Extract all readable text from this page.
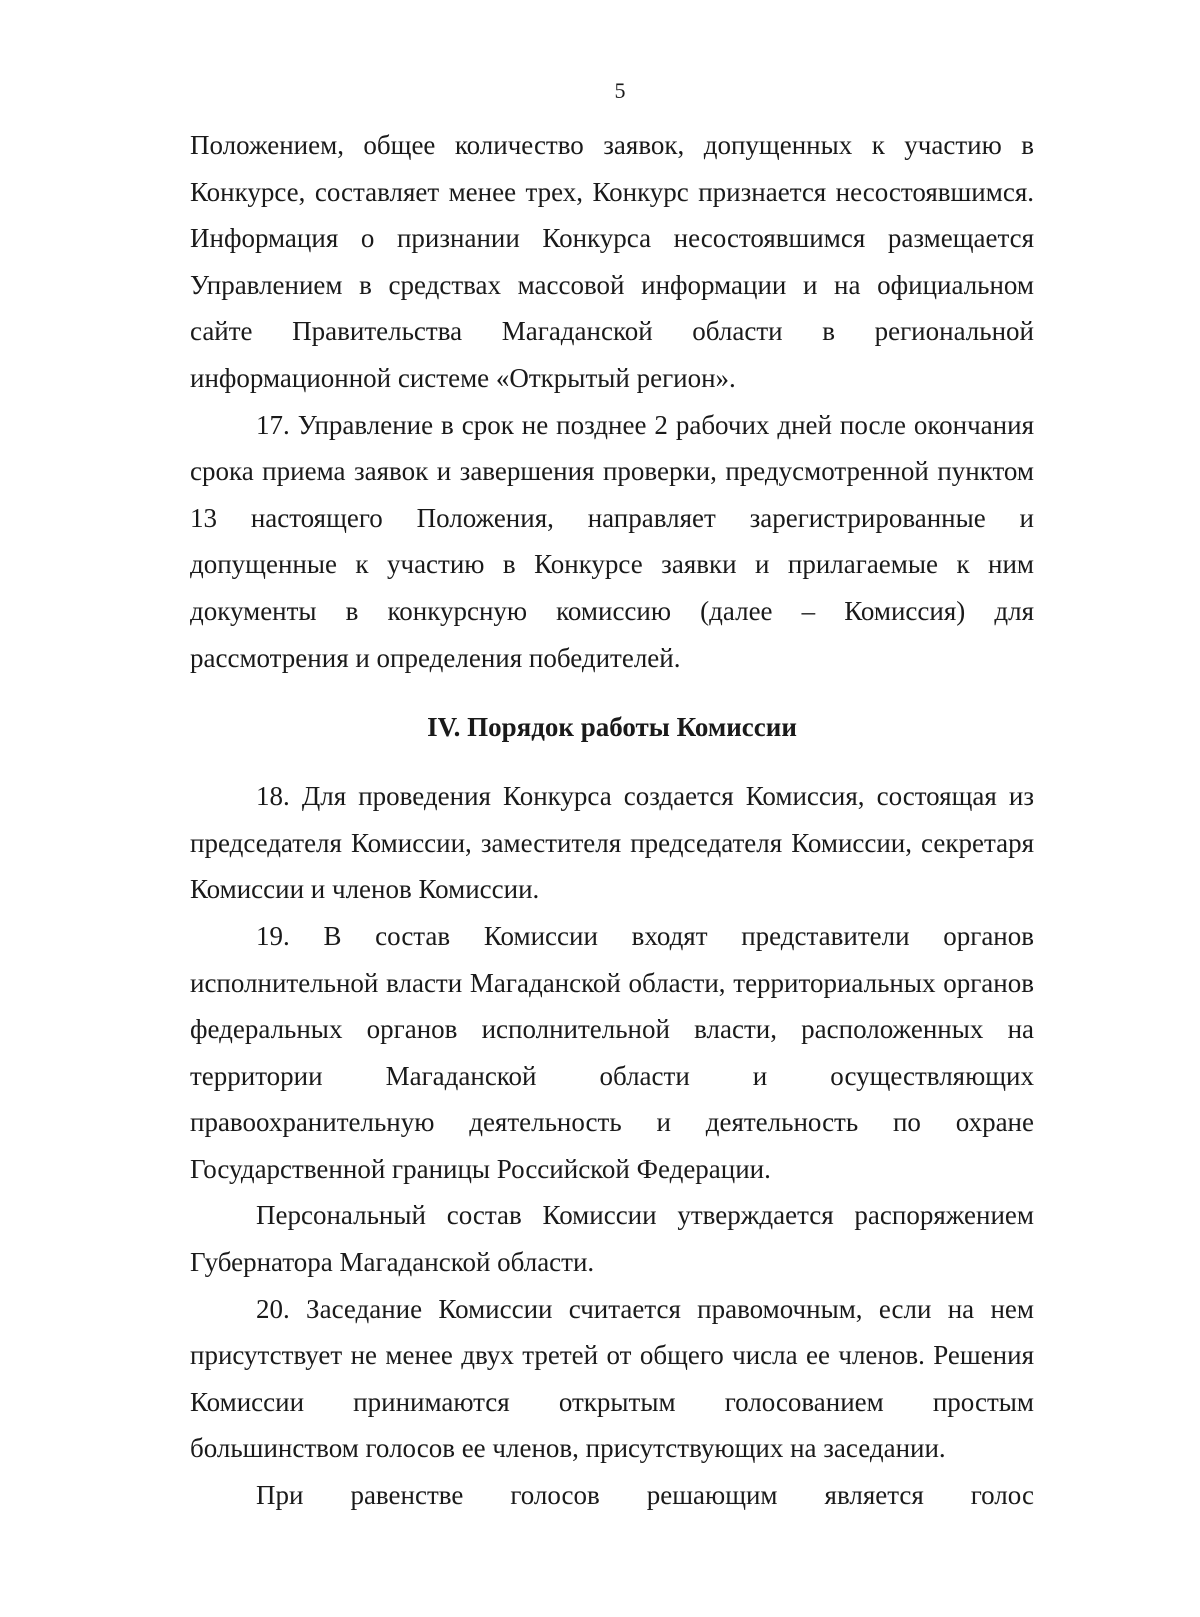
5

Положением, общее количество заявок, допущенных к участию в Конкурсе, составляет менее трех, Конкурс признается несостоявшимся. Информация о признании Конкурса несостоявшимся размещается Управлением в средствах массовой информации и на официальном сайте Правительства Магаданской области в региональной информационной системе «Открытый регион».

17. Управление в срок не позднее 2 рабочих дней после окончания срока приема заявок и завершения проверки, предусмотренной пунктом 13 настоящего Положения, направляет зарегистрированные и допущенные к участию в Конкурсе заявки и прилагаемые к ним документы в конкурсную комиссию (далее – Комиссия) для рассмотрения и определения победителей.

IV. Порядок работы Комиссии

18. Для проведения Конкурса создается Комиссия, состоящая из председателя Комиссии, заместителя председателя Комиссии, секретаря Комиссии и членов Комиссии.

19. В состав Комиссии входят представители органов исполнительной власти Магаданской области, территориальных органов федеральных органов исполнительной власти, расположенных на территории Магаданской области и осуществляющих правоохранительную деятельность и деятельность по охране Государственной границы Российской Федерации.

Персональный состав Комиссии утверждается распоряжением Губернатора Магаданской области.

20. Заседание Комиссии считается правомочным, если на нем присутствует не менее двух третей от общего числа ее членов. Решения Комиссии принимаются открытым голосованием простым большинством голосов ее членов, присутствующих на заседании.

При равенстве голосов решающим является голос
